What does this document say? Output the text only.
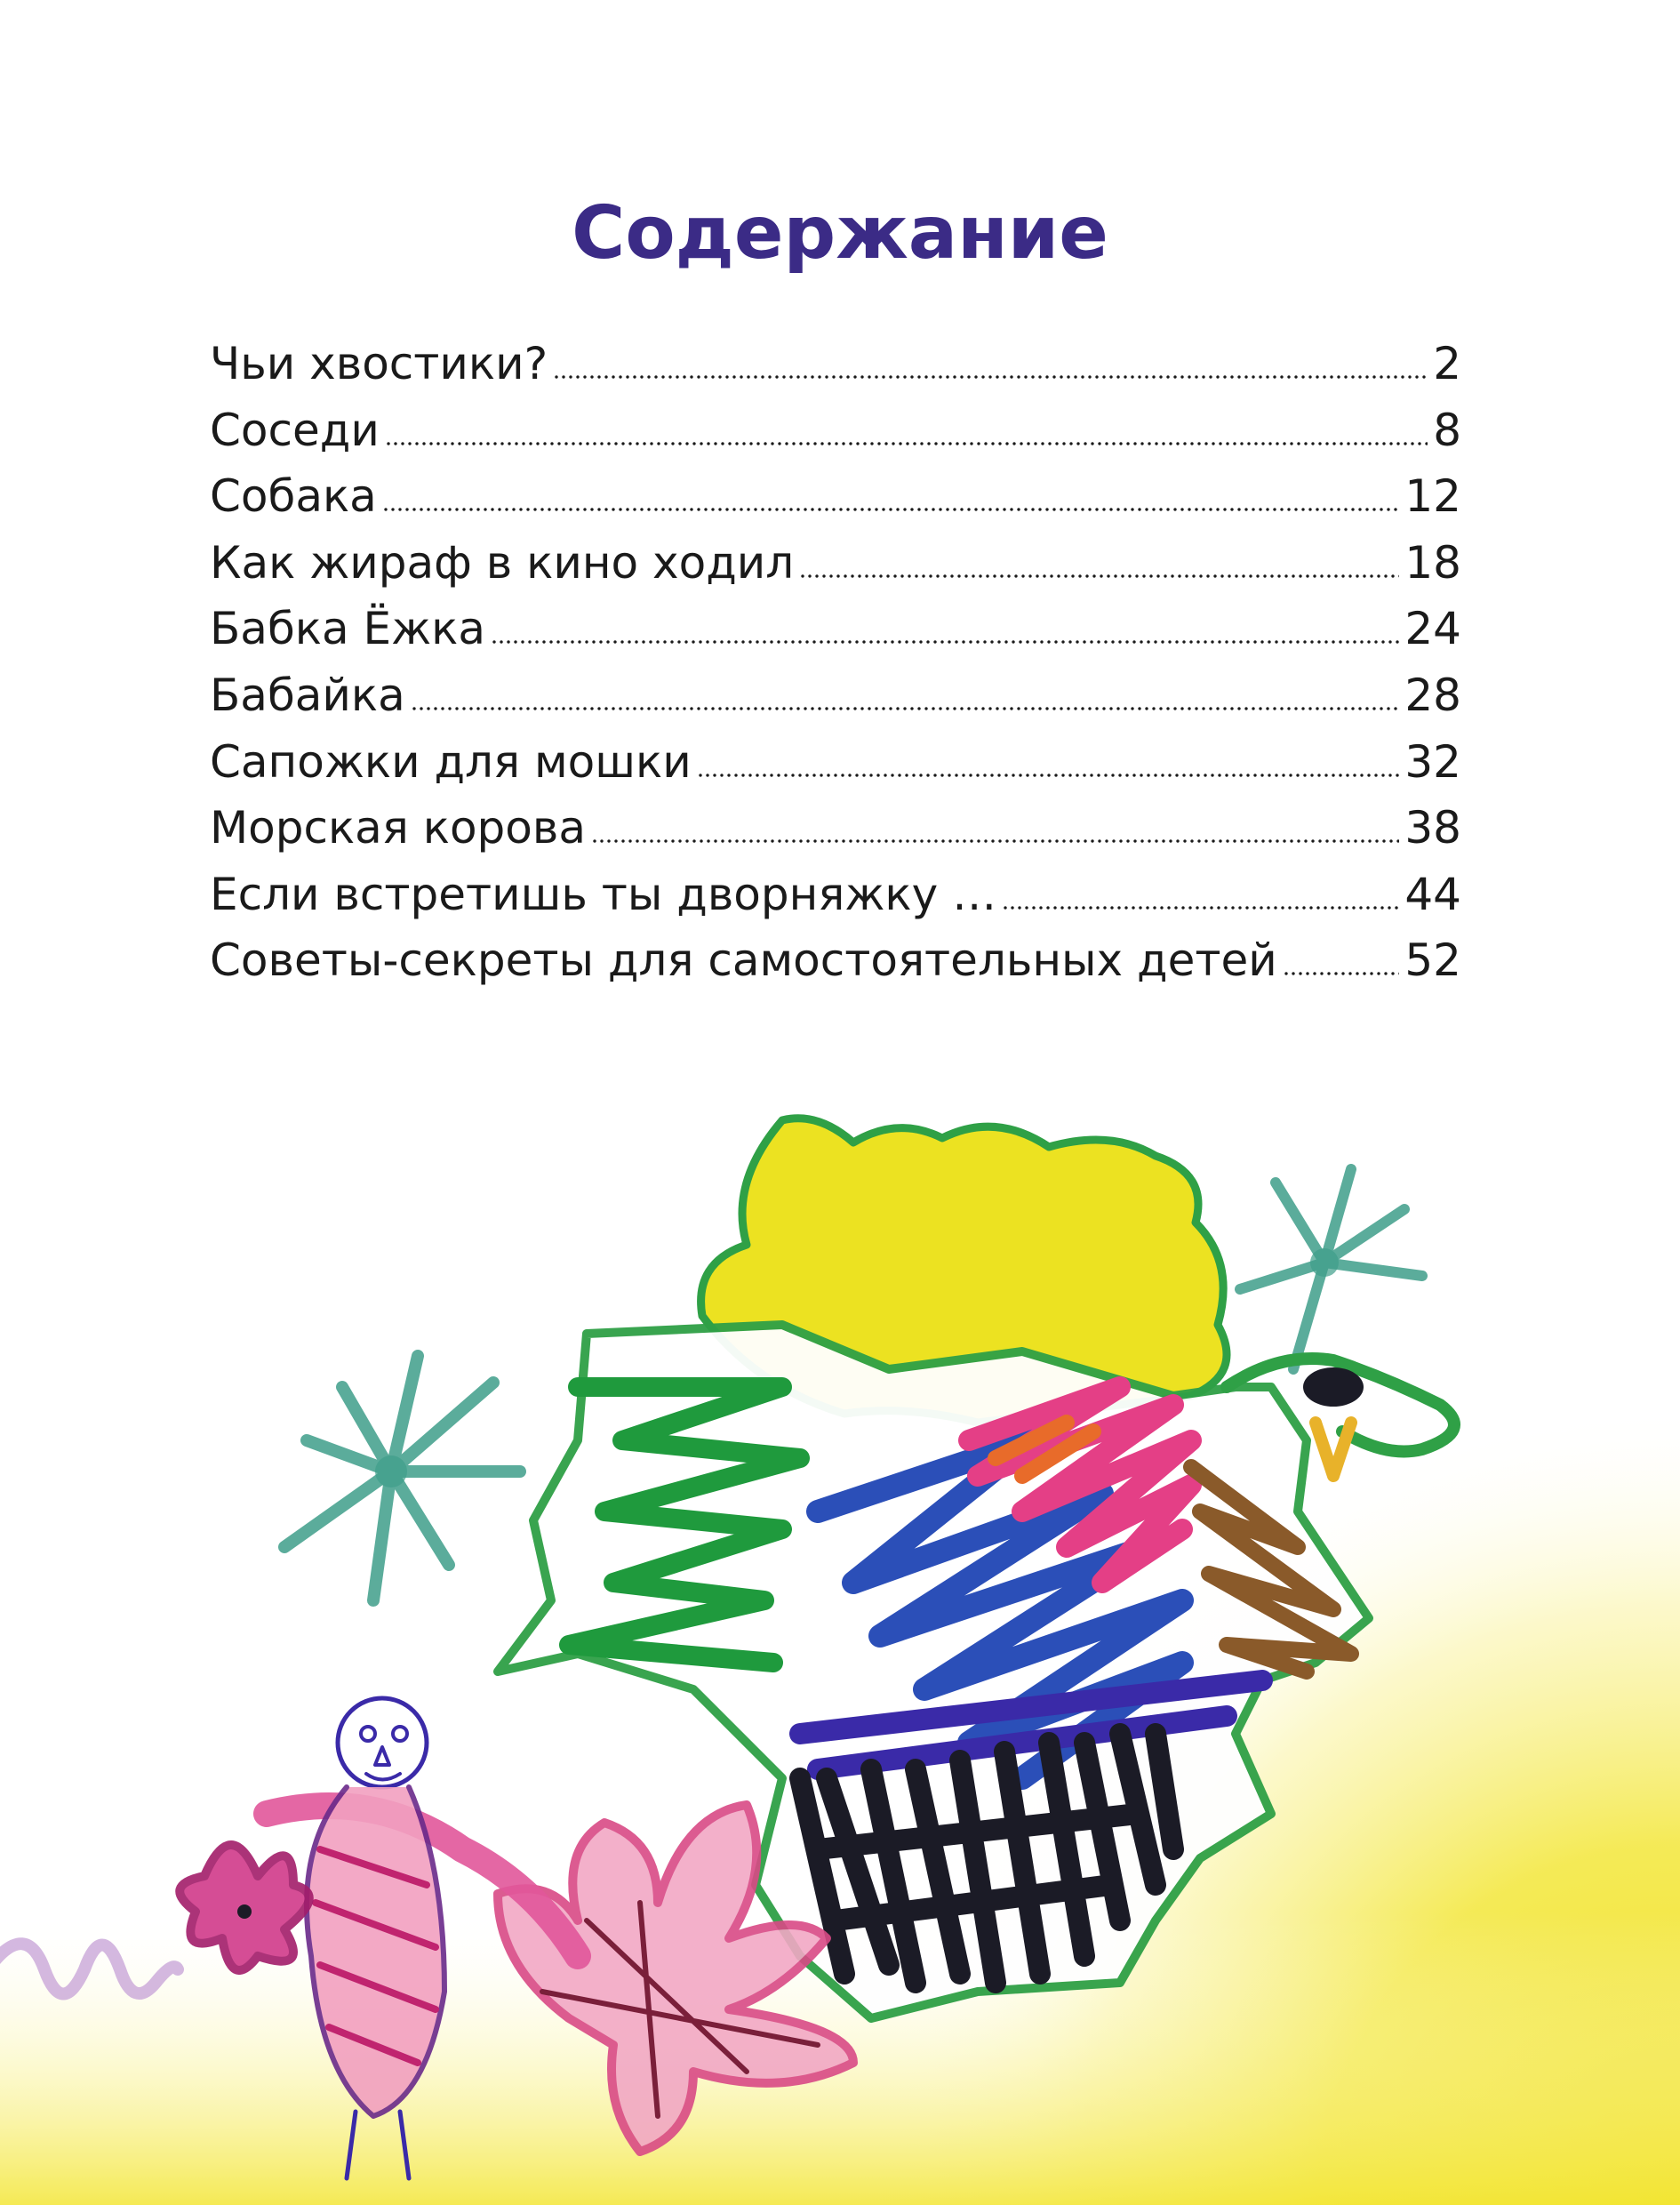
Содержание
Чьи хвостики?	2
Соседи	8
Собака	12
Как жираф в кино ходил	18
Бабка Ёжка	24
Бабайка	28
Сапожки для мошки	32
Морская корова	38
Если встретишь ты дворняжку …	44
Советы-секреты для самостоятельных детей	52
